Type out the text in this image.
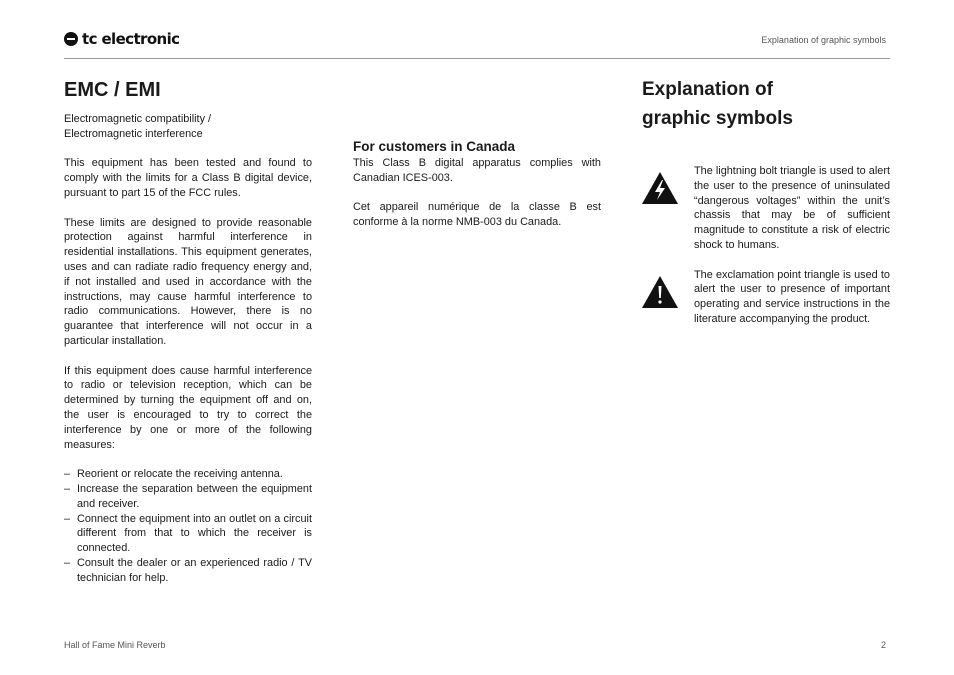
tc electronic	Explanation of graphic symbols
EMC / EMI

Electromagnetic compatibility /
Electromagnetic interference

This equipment has been tested and found to comply with the limits for a Class B digital device, pursuant to part 15 of the FCC rules.

These limits are designed to provide reasonable protection against harmful interference in residential installations. This equipment generates, uses and can radiate radio frequency energy and, if not installed and used in accordance with the instructions, may cause harmful interference to radio communications. However, there is no guarantee that interference will not occur in a particular installation.

If this equipment does cause harmful interference to radio or television reception, which can be determined by turning the equipment off and on, the user is encouraged to try to correct the interference by one or more of the following measures:

– Reorient or relocate the receiving antenna.
– Increase the separation between the equipment and receiver.
– Connect the equipment into an outlet on a circuit different from that to which the receiver is connected.
– Consult the dealer or an experienced radio / TV technician for help.
For customers in Canada

This Class B digital apparatus complies with Canadian ICES-003.

Cet appareil numérique de la classe B est conforme à la norme NMB-003 du Canada.

Explanation of
graphic symbols
The lightning bolt triangle is used to alert the user to the presence of uninsulated “dangerous voltages” within the unit’s chassis that may be of sufficient magnitude to constitute a risk of electric shock to humans.
The exclamation point triangle is used to alert the user to presence of important operating and service instructions in the literature accompanying the product.
Hall of Fame Mini Reverb	2
